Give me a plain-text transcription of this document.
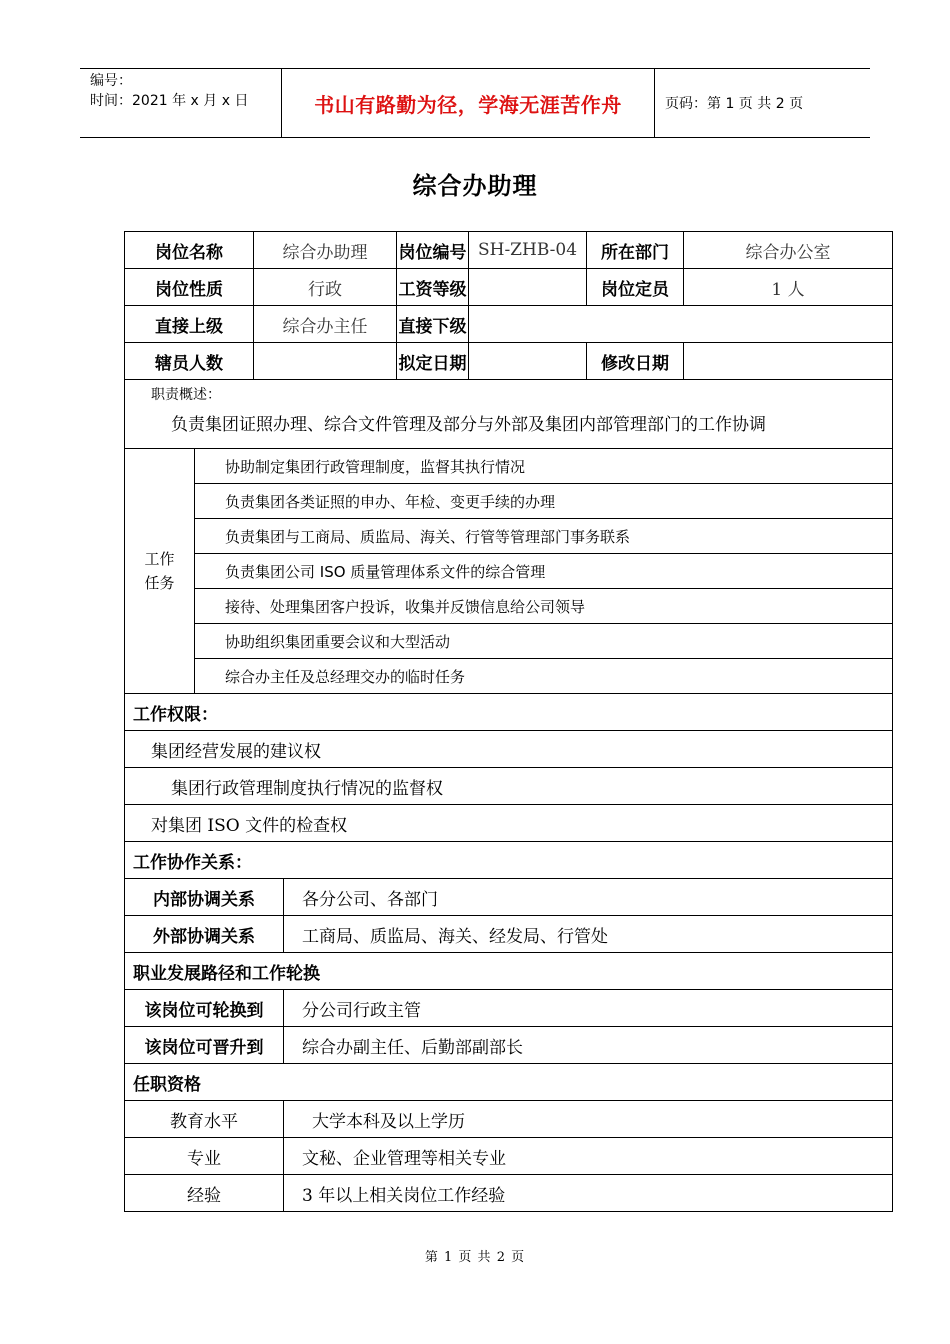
编号：
时间：2021 年 x 月 x 日	书山有路勤为径，学海无涯苦作舟	页码：第 1 页 共 2 页
综合办助理
岗位名称		综合办助理		岗位编号	SH-ZHB-04	所在部门	综合办公室
岗位性质		行政		工资等级		岗位定员	1 人
直接上级		综合办主任		直接下级			
辖员人数				拟定日期		修改日期	

职责概述：
负责集团证照办理、综合文件管理及部分与外部及集团内部管理部门的工作协调							

工作
任务	协助制定集团行政管理制度，监督其执行情况						
	负责集团各类证照的申办、年检、变更手续的办理						
	负责集团与工商局、质监局、海关、行管等管理部门事务联系						
	负责集团公司 ISO 质量管理体系文件的综合管理						
	接待、处理集团客户投诉，收集并反馈信息给公司领导						
	协助组织集团重要会议和大型活动						
	综合办主任及总经理交办的临时任务						
工作权限：							
集团经营发展的建议权							
集团行政管理制度执行情况的监督权							
对集团 ISO 文件的检查权							
工作协作关系：							
内部协调关系			各分公司、各部门				
外部协调关系			工商局、质监局、海关、经发局、行管处				
职业发展路径和工作轮换							
该岗位可轮换到			分公司行政主管				
该岗位可晋升到			综合办副主任、后勤部副部长				
任职资格							
教育水平			大学本科及以上学历				
专业			文秘、企业管理等相关专业				
经验			3 年以上相关岗位工作经验				
第 1 页 共 2 页
